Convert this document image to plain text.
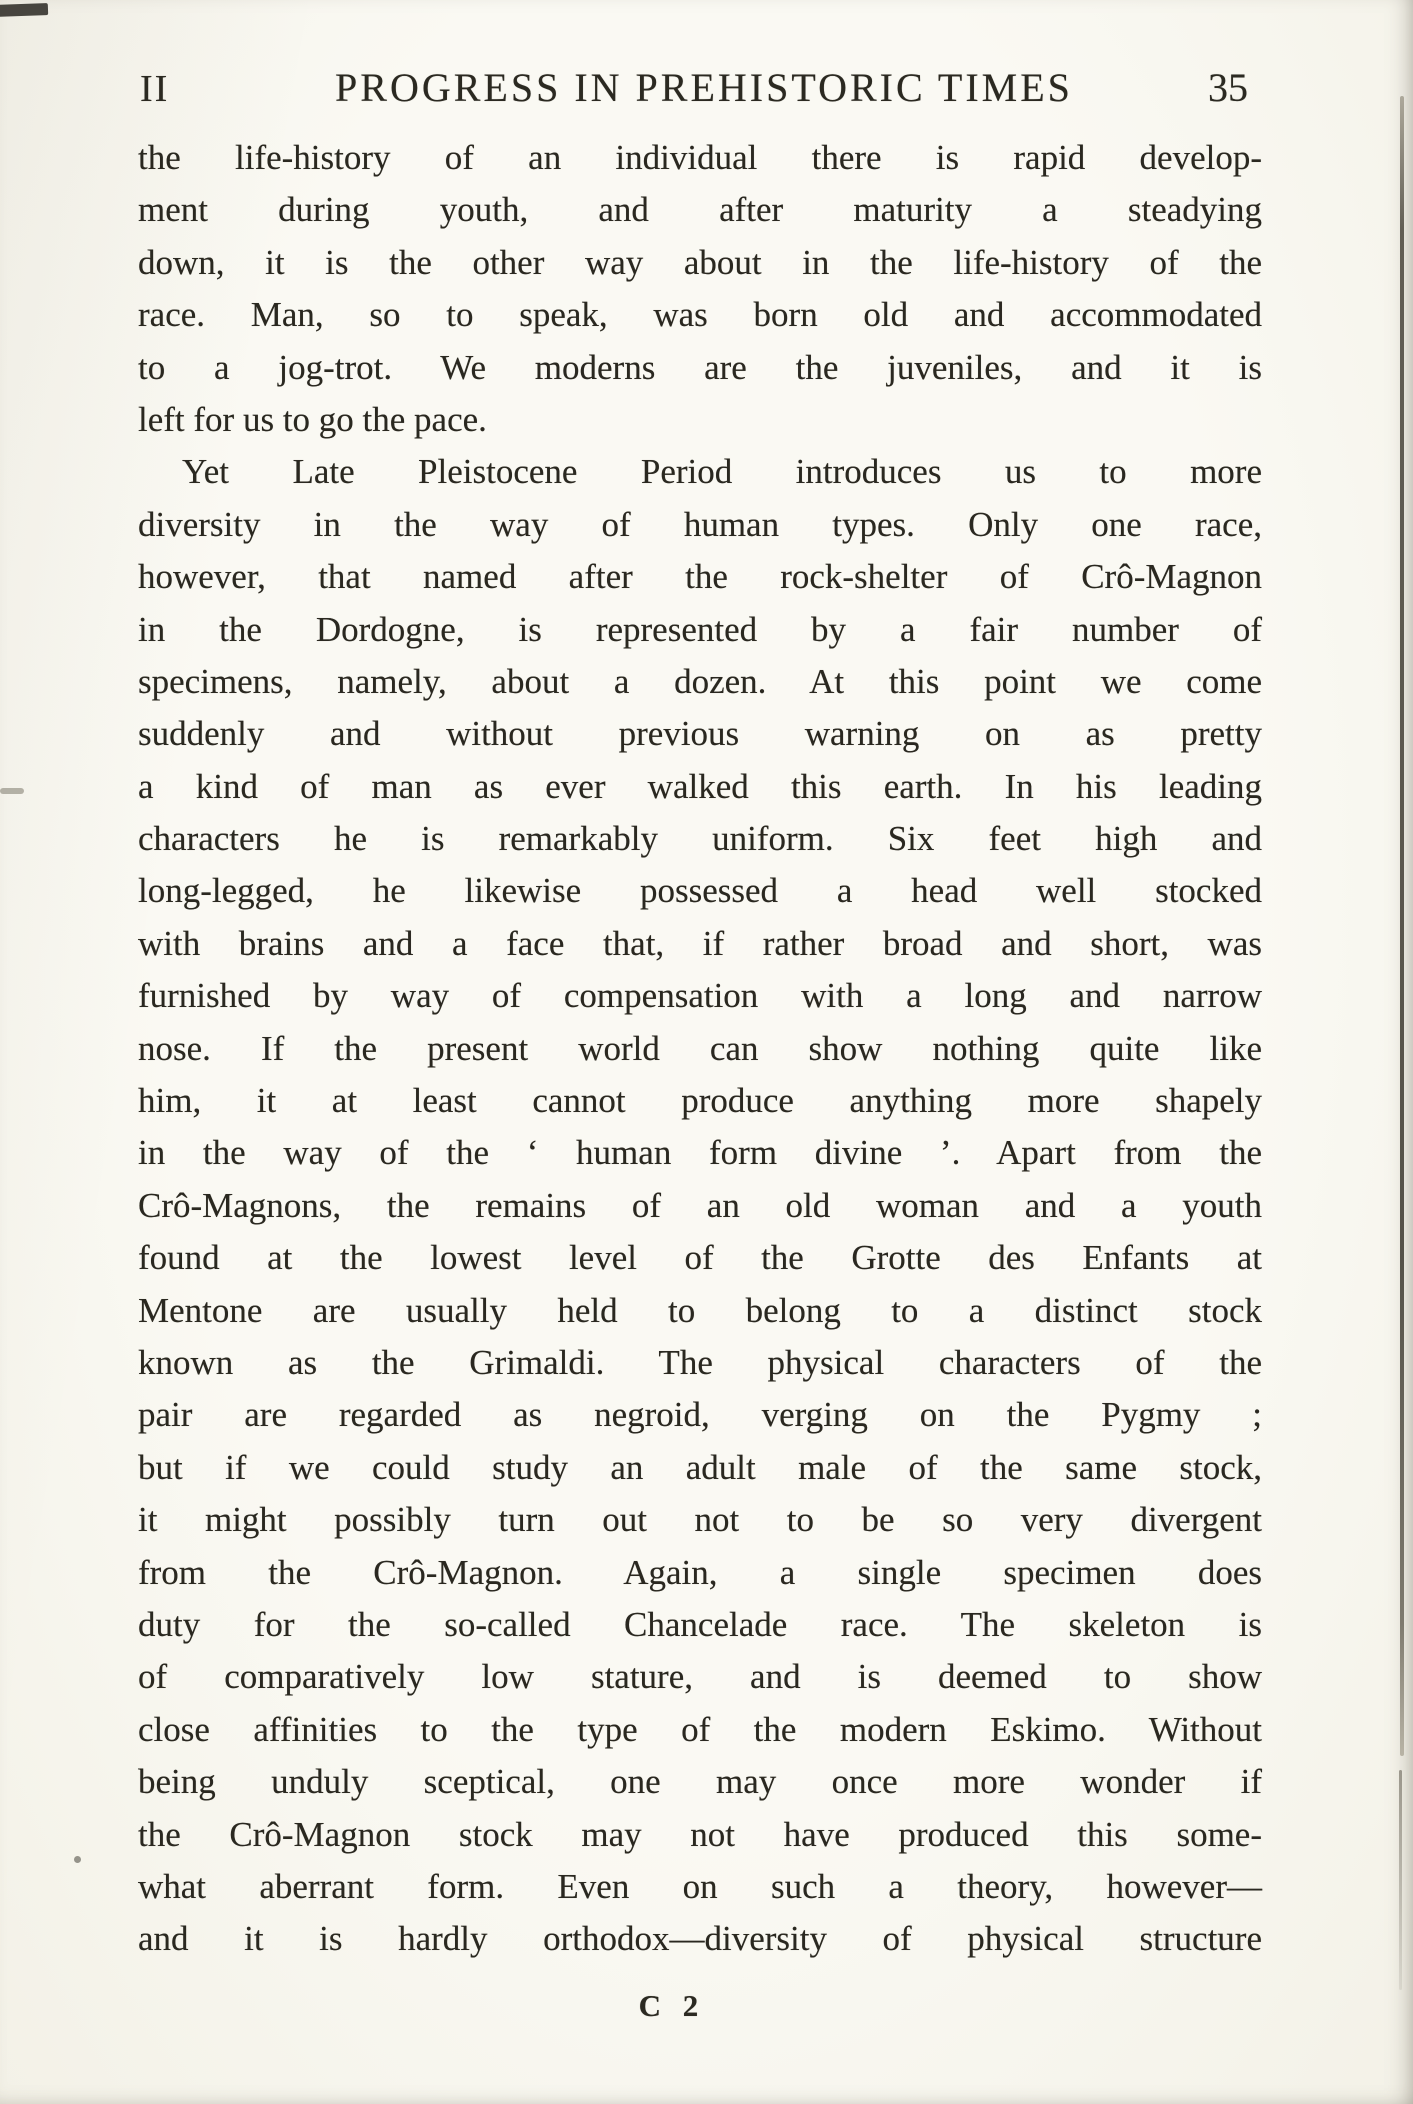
II	PROGRESS IN PREHISTORIC TIMES	35
the life-history of an individual there is rapid develop-
ment during youth, and after maturity a steadying
down, it is the other way about in the life-history of the
race. Man, so to speak, was born old and accommodated
to a jog-trot. We moderns are the juveniles, and it is
left for us to go the pace.
Yet Late Pleistocene Period introduces us to more
diversity in the way of human types. Only one race,
however, that named after the rock-shelter of Crô-Magnon
in the Dordogne, is represented by a fair number of
specimens, namely, about a dozen. At this point we come
suddenly and without previous warning on as pretty
a kind of man as ever walked this earth. In his leading
characters he is remarkably uniform. Six feet high and
long-legged, he likewise possessed a head well stocked
with brains and a face that, if rather broad and short, was
furnished by way of compensation with a long and narrow
nose. If the present world can show nothing quite like
him, it at least cannot produce anything more shapely
in the way of the ‘ human form divine ’. Apart from the
Crô-Magnons, the remains of an old woman and a youth
found at the lowest level of the Grotte des Enfants at
Mentone are usually held to belong to a distinct stock
known as the Grimaldi. The physical characters of the
pair are regarded as negroid, verging on the Pygmy ;
but if we could study an adult male of the same stock,
it might possibly turn out not to be so very divergent
from the Crô-Magnon. Again, a single specimen does
duty for the so-called Chancelade race. The skeleton is
of comparatively low stature, and is deemed to show
close affinities to the type of the modern Eskimo. Without
being unduly sceptical, one may once more wonder if
the Crô-Magnon stock may not have produced this some-
what aberrant form. Even on such a theory, however—
and it is hardly orthodox—diversity of physical structure
C 2
